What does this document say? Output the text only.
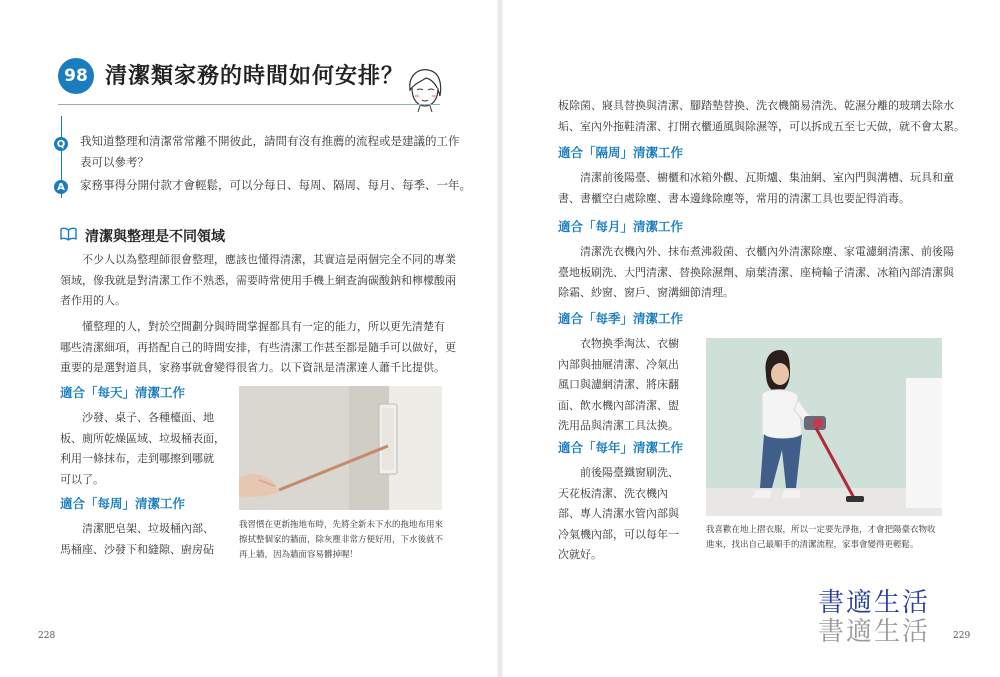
98 清潔類家務的時間如何安排？
Q 我知道整理和清潔常常離不開彼此，請問有沒有推薦的流程或是建議的工作
表可以參考？
A 家務事得分開付款才會輕鬆，可以分每日、每周、隔周、每月、每季、一年。
清潔與整理是不同領域
不少人以為整理師很會整理，應該也懂得清潔，其實這是兩個完全不同的專業
領域，像我就是對清潔工作不熟悉，需要時常使用手機上網查詢碳酸鈉和檸檬酸兩
者作用的人。
懂整理的人，對於空間劃分與時間掌握都具有一定的能力，所以更先清楚有
哪些清潔細項，再搭配自己的時間安排，有些清潔工作甚至都是隨手可以做好，更
重要的是選對道具，家務事就會變得很省力。以下資訊是清潔達人蕭千比提供。
適合「每天」清潔工作
沙發、桌子、各種檯面、地
板、廁所乾燥區域、垃圾桶表面，
利用一條抹布，走到哪擦到哪就
可以了。
適合「每周」清潔工作
清潔肥皂架、垃圾桶內部、
馬桶座、沙發下和縫隙、廚房砧
我習慣在更新拖地布時，先將全新未下水的拖地布用來
擦拭整個家的牆面，除灰塵非常方便好用，下水後就不
再上牆，因為牆面容易髒掉喔！
228
板除菌、寢具替換與清潔、腳踏墊替換、洗衣機簡易清洗、乾濕分離的玻璃去除水
垢、室內外拖鞋清潔、打開衣櫃通風與除濕等，可以拆成五至七天做，就不會太累。
適合「隔周」清潔工作
清潔前後陽臺、櫥櫃和冰箱外觀、瓦斯爐、集油網、室內門與溝槽、玩具和童
書、書櫃空白處除塵、書本邊緣除塵等，常用的清潔工具也要記得消毒。
適合「每月」清潔工作
清潔洗衣機內外、抹布煮沸殺菌、衣櫃內外清潔除塵、家電濾網清潔、前後陽
臺地板刷洗、大門清潔、替換除濕劑、扇葉清潔、座椅輪子清潔、冰箱內部清潔與
除霜、紗窗、窗戶、窗溝細節清理。
適合「每季」清潔工作
衣物換季淘汰、衣櫥
內部與抽屜清潔、冷氣出
風口與濾網清潔、將床翻
面、飲水機內部清潔、盥
洗用品與清潔工具汰換。
適合「每年」清潔工作
前後陽臺鐵窗刷洗、
天花板清潔、洗衣機內
部、專人清潔水管內部與
冷氣機內部，可以每年一
次就好。
我喜歡在地上摺衣服，所以一定要先淨拖，才會把陽臺衣物收
進來，找出自己最順手的清潔流程，家事會變得更輕鬆。
書適生活
書適生活	229
